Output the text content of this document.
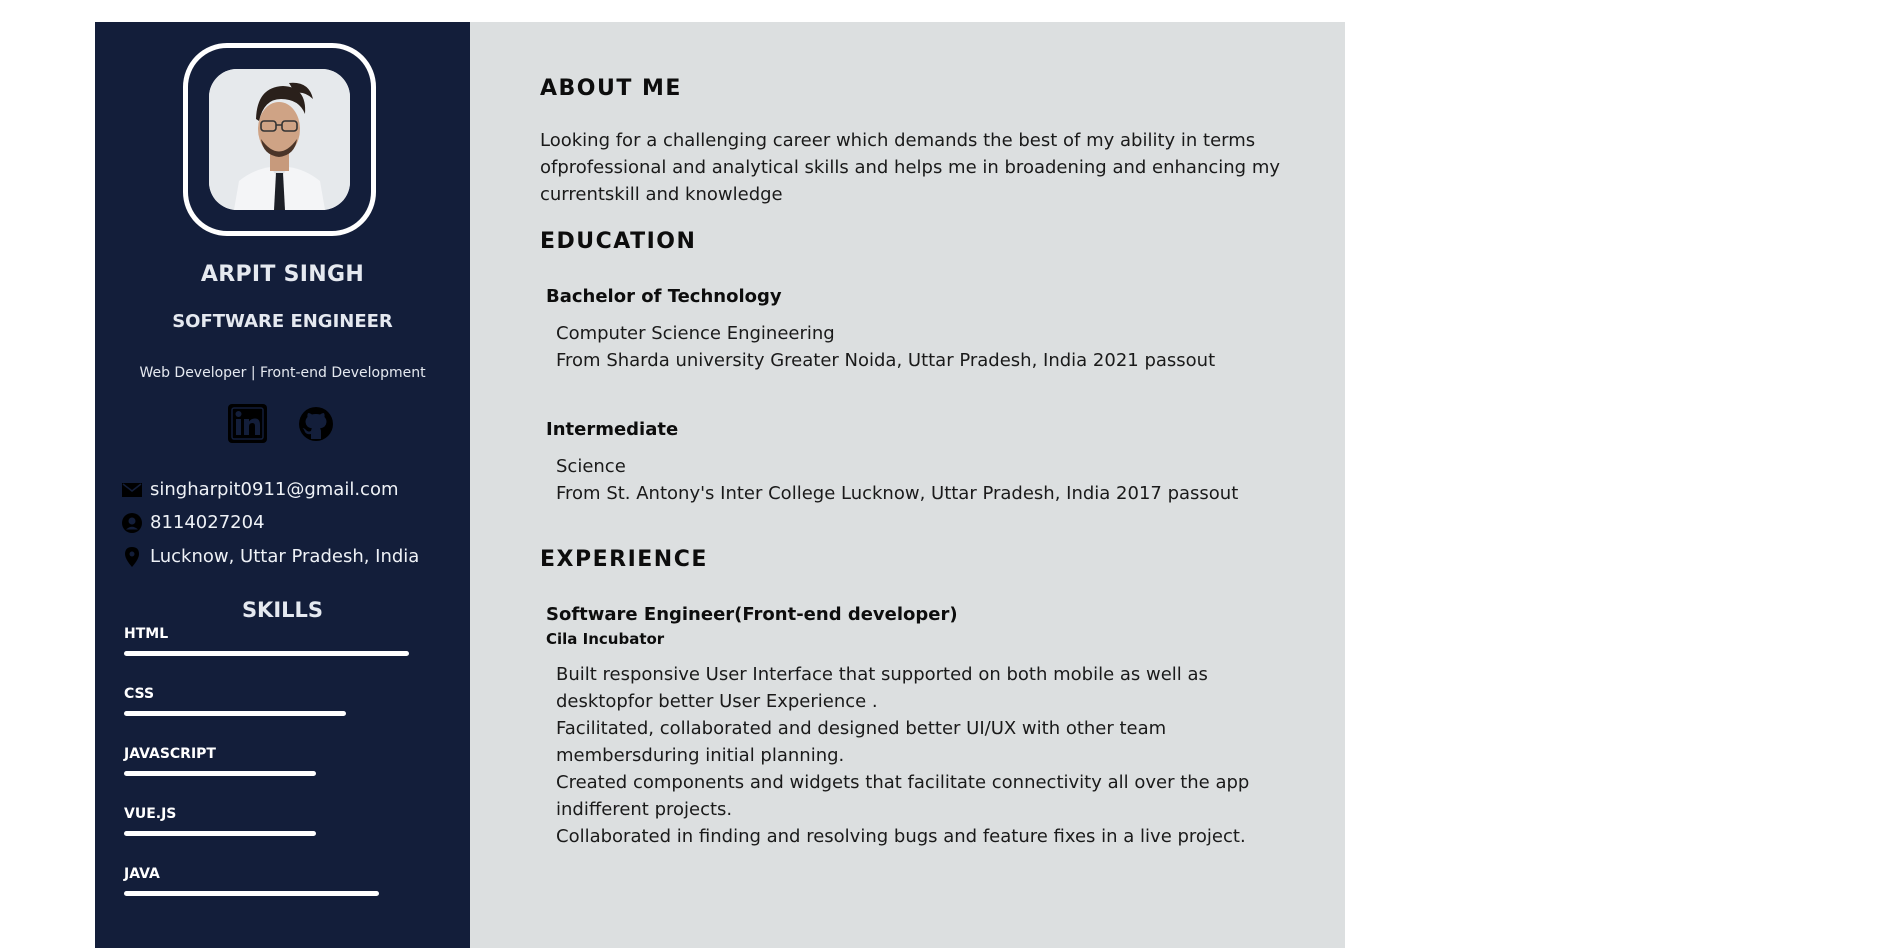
ARPIT SINGH
SOFTWARE ENGINEER
Web Developer | Front-end Development
singharpit0911@gmail.com
8114027204
Lucknow, Uttar Pradesh, India
SKILLS
HTML
CSS
JAVASCRIPT
VUE.JS
JAVA
ABOUT ME
Looking for a challenging career which demands the best of my ability in terms ofprofessional and analytical skills and helps me in broadening and enhancing my currentskill and knowledge
EDUCATION
Bachelor of Technology
Computer Science Engineering
From Sharda university Greater Noida, Uttar Pradesh, India 2021 passout
Intermediate
Science
From St. Antony's Inter College Lucknow, Uttar Pradesh, India 2017 passout
EXPERIENCE
Software Engineer(Front-end developer)
Cila Incubator
Built responsive User Interface that supported on both mobile as well as desktopfor better User Experience .
Facilitated, collaborated and designed better UI/UX with other team membersduring initial planning.
Created components and widgets that facilitate connectivity all over the app indifferent projects.
Collaborated in finding and resolving bugs and feature fixes in a live project.
